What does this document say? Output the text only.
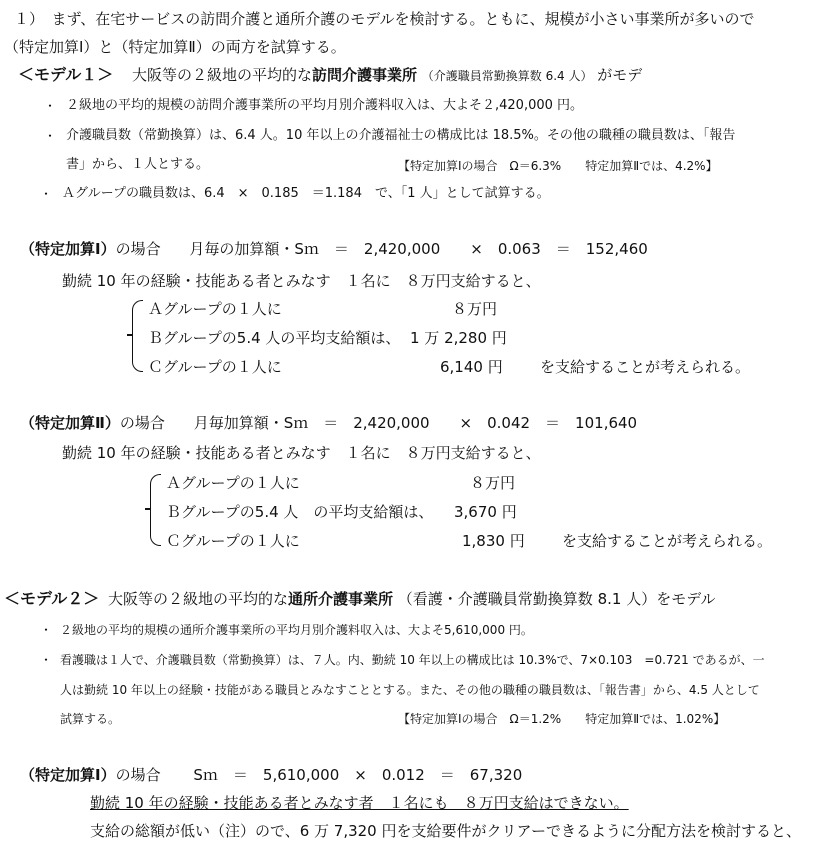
１）　まず、在宅サービスの訪問介護と通所介護のモデルを検討する。ともに、規模が小さい事業所が多いので
（特定加算Ⅰ）と（特定加算Ⅱ）の両方を試算する。
＜モデル１＞ 大阪等の２級地の平均的な訪問介護事業所 （介護職員常勤換算数 6.4 人） がモデ
・ ２級地の平均的規模の訪問介護事業所の平均月別介護料収入は、大よそ２,420,000 円。
・ 介護職員数（常勤換算）は、6.4 人。10 年以上の介護福祉士の構成比は 18.5%。その他の職種の職員数は、「報告
書」から、１人とする。	【特定加算Ⅰの場合　Ω＝6.3%　　特定加算Ⅱでは、4.2%】
・ Ａグループの職員数は、6.4　×　0.185　＝1.184　で、「1 人」として試算する。
（特定加算Ⅰ）の場合 月毎の加算額・Sｍ　＝　2,420,000　　×　0.063　＝　152,460
勤続 10 年の経験・技能ある者とみなす　１名に　８万円支給すると、
Ａグループの１人に	８万円
Ｂグループの5.4 人の平均支給額は、 1 万 2,280 円
Ｃグループの１人に	6,140 円 を支給することが考えられる。
（特定加算Ⅱ）の場合 月毎加算額・Sｍ　＝　2,420,000　　×　0.042　＝　101,640
勤続 10 年の経験・技能ある者とみなす　１名に　８万円支給すると、
Ａグループの１人に	８万円
Ｂグループの5.4 人　の平均支給額は、 3,670 円
Ｃグループの１人に	1,830 円 を支給することが考えられる。
＜モデル２＞ 大阪等の２級地の平均的な通所介護事業所 （看護・介護職員常勤換算数 8.1 人）をモデル
・ ２級地の平均的規模の通所介護事業所の平均月別介護料収入は、大よそ5,610,000 円。
・ 看護職は１人で、介護職員数（常勤換算）は、７人。内、勤続 10 年以上の構成比は 10.3%で、7×0.103　=0.721 であるが、一
人は勤続 10 年以上の経験・技能がある職員とみなすこととする。また、その他の職種の職員数は、「報告書」から、4.5 人として
試算する。	【特定加算Ⅰの場合　Ω＝1.2%　　特定加算Ⅱでは、1.02%】
（特定加算Ⅰ）の場合 Sｍ　＝　5,610,000　×　0.012　＝　67,320
勤続 10 年の経験・技能ある者とみなす者　１名にも　８万円支給はできない。
支給の総額が低い（注）ので、6 万 7,320 円を支給要件がクリアーできるように分配方法を検討すると、
